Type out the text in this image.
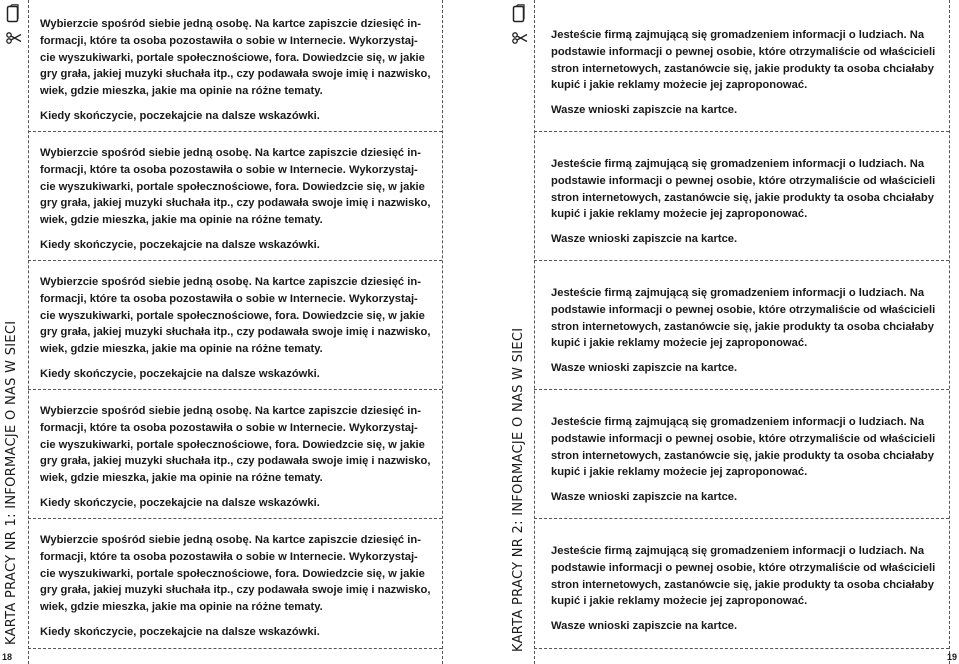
KARTA PRACY NR 1: INFORMACJE O NAS W SIECI
18

Wybierzcie spośród siebie jedną osobę. Na kartce zapiszcie dziesięć in-

formacji, które ta osoba pozostawiła o sobie w Internecie. Wykorzystaj-

cie wyszukiwarki, portale społecznościowe, fora. Dowiedzcie się, w jakie

gry grała, jakiej muzyki słuchała itp., czy podawała swoje imię i nazwisko,

wiek, gdzie mieszka, jakie ma opinie na różne tematy.

Kiedy skończycie, poczekajcie na dalsze wskazówki.

Wybierzcie spośród siebie jedną osobę. Na kartce zapiszcie dziesięć in-

formacji, które ta osoba pozostawiła o sobie w Internecie. Wykorzystaj-

cie wyszukiwarki, portale społecznościowe, fora. Dowiedzcie się, w jakie

gry grała, jakiej muzyki słuchała itp., czy podawała swoje imię i nazwisko,

wiek, gdzie mieszka, jakie ma opinie na różne tematy.

Kiedy skończycie, poczekajcie na dalsze wskazówki.

Wybierzcie spośród siebie jedną osobę. Na kartce zapiszcie dziesięć in-

formacji, które ta osoba pozostawiła o sobie w Internecie. Wykorzystaj-

cie wyszukiwarki, portale społecznościowe, fora. Dowiedzcie się, w jakie

gry grała, jakiej muzyki słuchała itp., czy podawała swoje imię i nazwisko,

wiek, gdzie mieszka, jakie ma opinie na różne tematy.

Kiedy skończycie, poczekajcie na dalsze wskazówki.

Wybierzcie spośród siebie jedną osobę. Na kartce zapiszcie dziesięć in-

formacji, które ta osoba pozostawiła o sobie w Internecie. Wykorzystaj-

cie wyszukiwarki, portale społecznościowe, fora. Dowiedzcie się, w jakie

gry grała, jakiej muzyki słuchała itp., czy podawała swoje imię i nazwisko,

wiek, gdzie mieszka, jakie ma opinie na różne tematy.

Kiedy skończycie, poczekajcie na dalsze wskazówki.

Wybierzcie spośród siebie jedną osobę. Na kartce zapiszcie dziesięć in-

formacji, które ta osoba pozostawiła o sobie w Internecie. Wykorzystaj-

cie wyszukiwarki, portale społecznościowe, fora. Dowiedzcie się, w jakie

gry grała, jakiej muzyki słuchała itp., czy podawała swoje imię i nazwisko,

wiek, gdzie mieszka, jakie ma opinie na różne tematy.

Kiedy skończycie, poczekajcie na dalsze wskazówki.	KARTA PRACY NR 2: INFORMACJE O NAS W SIECI
19

Jesteście firmą zajmującą się gromadzeniem informacji o ludziach. Na

podstawie informacji o pewnej osobie, które otrzymaliście od właścicieli

stron internetowych, zastanówcie się, jakie produkty ta osoba chciałaby

kupić i jakie reklamy możecie jej zaproponować.

Wasze wnioski zapiszcie na kartce.

Jesteście firmą zajmującą się gromadzeniem informacji o ludziach. Na

podstawie informacji o pewnej osobie, które otrzymaliście od właścicieli

stron internetowych, zastanówcie się, jakie produkty ta osoba chciałaby

kupić i jakie reklamy możecie jej zaproponować.

Wasze wnioski zapiszcie na kartce.

Jesteście firmą zajmującą się gromadzeniem informacji o ludziach. Na

podstawie informacji o pewnej osobie, które otrzymaliście od właścicieli

stron internetowych, zastanówcie się, jakie produkty ta osoba chciałaby

kupić i jakie reklamy możecie jej zaproponować.

Wasze wnioski zapiszcie na kartce.

Jesteście firmą zajmującą się gromadzeniem informacji o ludziach. Na

podstawie informacji o pewnej osobie, które otrzymaliście od właścicieli

stron internetowych, zastanówcie się, jakie produkty ta osoba chciałaby

kupić i jakie reklamy możecie jej zaproponować.

Wasze wnioski zapiszcie na kartce.

Jesteście firmą zajmującą się gromadzeniem informacji o ludziach. Na

podstawie informacji o pewnej osobie, które otrzymaliście od właścicieli

stron internetowych, zastanówcie się, jakie produkty ta osoba chciałaby

kupić i jakie reklamy możecie jej zaproponować.

Wasze wnioski zapiszcie na kartce.
